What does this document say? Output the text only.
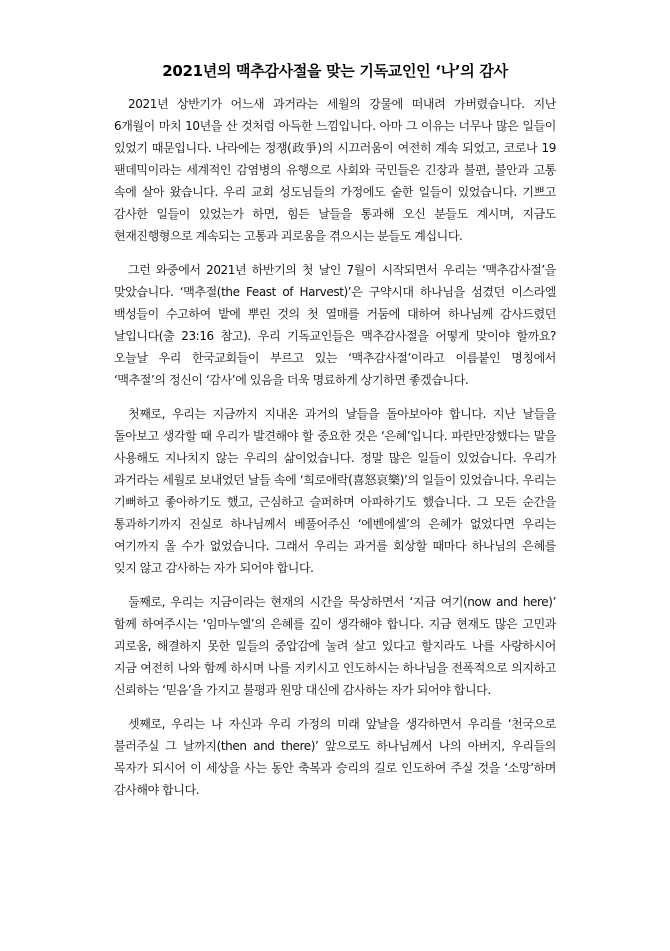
2021년의 맥추감사절을 맞는 기독교인인 ‘나’의 감사

2021년 상반기가 어느새 과거라는 세월의 강물에 떠내려 가버렸습니다. 지난 6개월이 마치 10년을 산 것처럼 아득한 느낌입니다. 아마 그 이유는 너무나 많은 일들이 있었기 때문입니다. 나라에는 정쟁(政爭)의 시끄러움이 여전히 계속 되었고, 코로나 19 팬데믹이라는 세계적인 감염병의 유행으로 사회와 국민들은 긴장과 불편, 불안과 고통 속에 살아 왔습니다. 우리 교회 성도님들의 가정에도 숱한 일들이 있었습니다. 기쁘고 감사한 일들이 있었는가 하면, 힘든 날들을 통과해 오신 분들도 계시며, 지금도 현재진행형으로 계속되는 고통과 괴로움을 겪으시는 분들도 계십니다.

그런 와중에서 2021년 하반기의 첫 날인 7월이 시작되면서 우리는 ‘맥추감사절’을 맞았습니다. ‘맥추절(the Feast of Harvest)’은 구약시대 하나님을 섬겼던 이스라엘 백성들이 수고하여 밭에 뿌린 것의 첫 열매를 거둠에 대하여 하나님께 감사드렸던 날입니다(출 23:16 참고). 우리 기독교인들은 맥추감사절을 어떻게 맞이야 할까요? 오늘날 우리 한국교회들이 부르고 있는 ‘맥추감사절’이라고 이름붙인 명칭에서 ‘맥추절’의 정신이 ‘감사’에 있음을 더욱 명료하게 상기하면 좋겠습니다.

첫째로, 우리는 지금까지 지내온 과거의 날들을 돌아보아야 합니다. 지난 날들을 돌아보고 생각할 때 우리가 발견해야 할 중요한 것은 ‘은혜’입니다. 파란만장했다는 말을 사용해도 지나치지 않는 우리의 삶이었습니다. 정말 많은 일들이 있었습니다. 우리가 과거라는 세월로 보내었던 날들 속에 ‘희로애락(喜怒哀樂)’의 일들이 있었습니다. 우리는 기뻐하고 좋아하기도 했고, 근심하고 슬퍼하며 아파하기도 했습니다. 그 모든 순간을 통과하기까지 진실로 하나님께서 베풀어주신 ‘에벤에셀’의 은혜가 없었다면 우리는 여기까지 올 수가 없었습니다. 그래서 우리는 과거를 회상할 때마다 하나님의 은혜를 잊지 않고 감사하는 자가 되어야 합니다.

둘째로, 우리는 지금이라는 현재의 시간을 묵상하면서 ‘지금 여기(now and here)’ 함께 하여주시는 ‘임마누엘’의 은혜를 깊이 생각해야 합니다. 지금 현재도 많은 고민과 괴로움, 해결하지 못한 일들의 중압감에 눌려 살고 있다고 할지라도 나를 사랑하시어 지금 여전히 나와 함께 하시며 나를 지키시고 인도하시는 하나님을 전폭적으로 의지하고 신뢰하는 ‘믿음’을 가지고 불평과 원망 대신에 감사하는 자가 되어야 합니다.

셋째로, 우리는 나 자신과 우리 가정의 미래 앞날을 생각하면서 우리를 ‘천국으로 불러주실 그 날까지(then and there)’ 앞으로도 하나님께서 나의 아버지, 우리들의 목자가 되시어 이 세상을 사는 동안 축복과 승리의 길로 인도하여 주실 것을 ‘소망’하며 감사해야 합니다.
